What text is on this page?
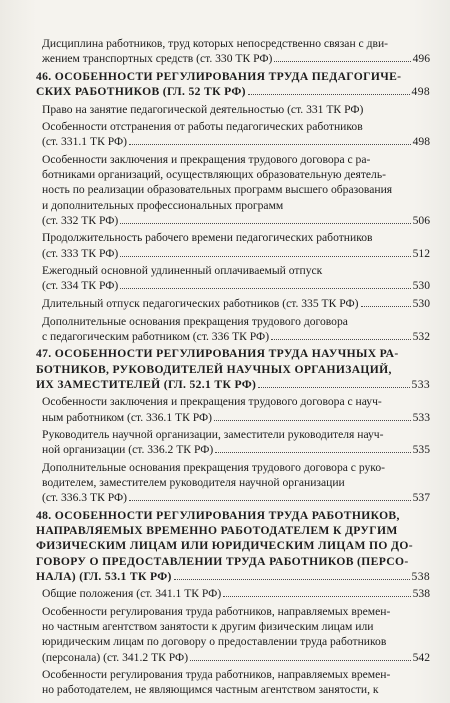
Дисциплина работников, труд которых непосредственно связан с дви-
жением транспортных средств (ст. 330 ТК РФ)	496
46. ОСОБЕННОСТИ РЕГУЛИРОВАНИЯ ТРУДА ПЕДАГОГИЧЕ-
СКИХ РАБОТНИКОВ (ГЛ. 52 ТК РФ)	498
Право на занятие педагогической деятельностью (ст. 331 ТК РФ)
Особенности отстранения от работы педагогических работников
(ст. 331.1 ТК РФ)	498
Особенности заключения и прекращения трудового договора с ра-
ботниками организаций, осуществляющих образовательную деятель-
ность по реализации образовательных программ высшего образования
и дополнительных профессиональных программ
(ст. 332 ТК РФ)	506
Продолжительность рабочего времени педагогических работников
(ст. 333 ТК РФ)	512
Ежегодный основной удлиненный оплачиваемый отпуск
(ст. 334 ТК РФ)	530
Длительный отпуск педагогических работников (ст. 335 ТК РФ)	530
Дополнительные основания прекращения трудового договора
с педагогическим работником (ст. 336 ТК РФ)	532
47. ОСОБЕННОСТИ РЕГУЛИРОВАНИЯ ТРУДА НАУЧНЫХ РА-
БОТНИКОВ, РУКОВОДИТЕЛЕЙ НАУЧНЫХ ОРГАНИЗАЦИЙ,
ИХ ЗАМЕСТИТЕЛЕЙ (ГЛ. 52.1 ТК РФ)	533
Особенности заключения и прекращения трудового договора с науч-
ным работником (ст. 336.1 ТК РФ)	533
Руководитель научной организации, заместители руководителя науч-
ной организации (ст. 336.2 ТК РФ)	535
Дополнительные основания прекращения трудового договора с руко-
водителем, заместителем руководителя научной организации
(ст. 336.3 ТК РФ)	537
48. ОСОБЕННОСТИ РЕГУЛИРОВАНИЯ ТРУДА РАБОТНИКОВ,
НАПРАВЛЯЕМЫХ ВРЕМЕННО РАБОТОДАТЕЛЕМ К ДРУГИМ
ФИЗИЧЕСКИМ ЛИЦАМ ИЛИ ЮРИДИЧЕСКИМ ЛИЦАМ ПО ДО-
ГОВОРУ О ПРЕДОСТАВЛЕНИИ ТРУДА РАБОТНИКОВ (ПЕРСО-
НАЛА) (ГЛ. 53.1 ТК РФ)	538
Общие положения (ст. 341.1 ТК РФ)	538
Особенности регулирования труда работников, направляемых времен-
но частным агентством занятости к другим физическим лицам или
юридическим лицам по договору о предоставлении труда работников
(персонала) (ст. 341.2 ТК РФ)	542
Особенности регулирования труда работников, направляемых времен-
но работодателем, не являющимся частным агентством занятости, к
